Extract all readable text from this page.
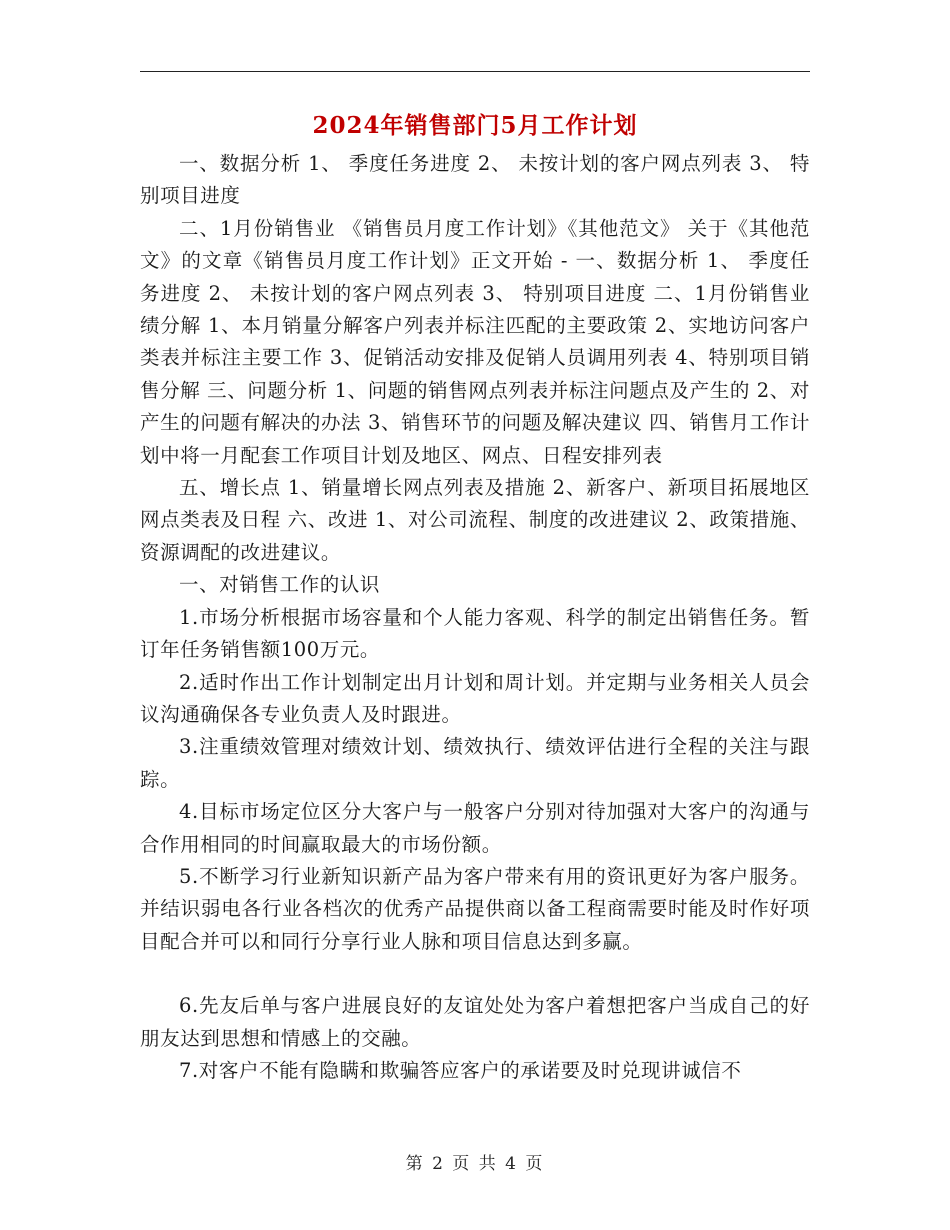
2024年销售部门5月工作计划

一、数据分析 1、 季度任务进度 2、 未按计划的客户网点列表 3、 特别项目进度

二、1月份销售业 《销售员月度工作计划》《其他范文》 关于《其他范文》的文章《销售员月度工作计划》正文开始 - 一、数据分析 1、 季度任务进度 2、 未按计划的客户网点列表 3、 特别项目进度 二、1月份销售业绩分解 1、本月销量分解客户列表并标注匹配的主要政策 2、实地访问客户类表并标注主要工作 3、促销活动安排及促销人员调用列表 4、特别项目销售分解 三、问题分析 1、问题的销售网点列表并标注问题点及产生的 2、对产生的问题有解决的办法 3、销售环节的问题及解决建议 四、销售月工作计划中将一月配套工作项目计划及地区、网点、日程安排列表

五、增长点 1、销量增长网点列表及措施 2、新客户、新项目拓展地区网点类表及日程 六、改进 1、对公司流程、制度的改进建议 2、政策措施、资源调配的改进建议。

一、对销售工作的认识

1.市场分析根据市场容量和个人能力客观、科学的制定出销售任务。暂订年任务销售额100万元。

2.适时作出工作计划制定出月计划和周计划。并定期与业务相关人员会议沟通确保各专业负责人及时跟进。

3.注重绩效管理对绩效计划、绩效执行、绩效评估进行全程的关注与跟踪。

4.目标市场定位区分大客户与一般客户分别对待加强对大客户的沟通与合作用相同的时间赢取最大的市场份额。

5.不断学习行业新知识新产品为客户带来有用的资讯更好为客户服务。并结识弱电各行业各档次的优秀产品提供商以备工程商需要时能及时作好项目配合并可以和同行分享行业人脉和项目信息达到多赢。

6.先友后单与客户进展良好的友谊处处为客户着想把客户当成自己的好朋友达到思想和情感上的交融。

7.对客户不能有隐瞒和欺骗答应客户的承诺要及时兑现讲诚信不

第 2 页 共 4 页
